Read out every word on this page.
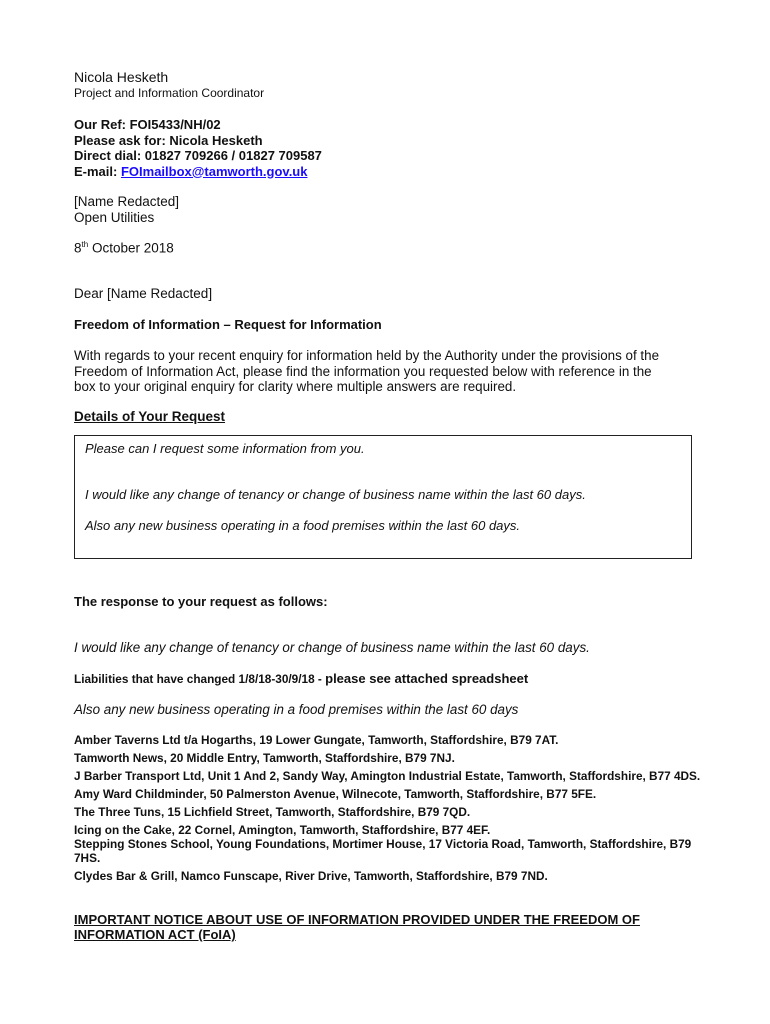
Nicola Hesketh
Project and Information Coordinator
Our Ref: FOI5433/NH/02
Please ask for: Nicola Hesketh
Direct dial: 01827 709266 / 01827 709587
E-mail: FOImailbox@tamworth.gov.uk
[Name Redacted]
Open Utilities
8th October 2018
Dear [Name Redacted]
Freedom of Information – Request for Information
With regards to your recent enquiry for information held by the Authority under the provisions of the
Freedom of Information Act, please find the information you requested below with reference in the
box to your original enquiry for clarity where multiple answers are required.
Details of Your Request
Please can I request some information from you.
I would like any change of tenancy or change of business name within the last 60 days.
Also any new business operating in a food premises within the last 60 days.
The response to your request as follows:
I would like any change of tenancy or change of business name within the last 60 days.
Liabilities that have changed 1/8/18-30/9/18 - please see attached spreadsheet
Also any new business operating in a food premises within the last 60 days
Amber Taverns Ltd t/a Hogarths, 19 Lower Gungate, Tamworth, Staffordshire, B79 7AT.
Tamworth News, 20 Middle Entry, Tamworth, Staffordshire, B79 7NJ.
J Barber Transport Ltd, Unit 1 And 2, Sandy Way, Amington Industrial Estate, Tamworth, Staffordshire, B77 4DS.
Amy Ward Childminder, 50 Palmerston Avenue, Wilnecote, Tamworth, Staffordshire, B77 5FE.
The Three Tuns, 15 Lichfield Street, Tamworth, Staffordshire, B79 7QD.
Icing on the Cake, 22 Cornel, Amington, Tamworth, Staffordshire, B77 4EF.
Stepping Stones School, Young Foundations, Mortimer House, 17 Victoria Road, Tamworth, Staffordshire, B79
7HS.
Clydes Bar & Grill, Namco Funscape, River Drive, Tamworth, Staffordshire, B79 7ND.
IMPORTANT NOTICE ABOUT USE OF INFORMATION PROVIDED UNDER THE FREEDOM OF INFORMATION ACT (FoIA)
